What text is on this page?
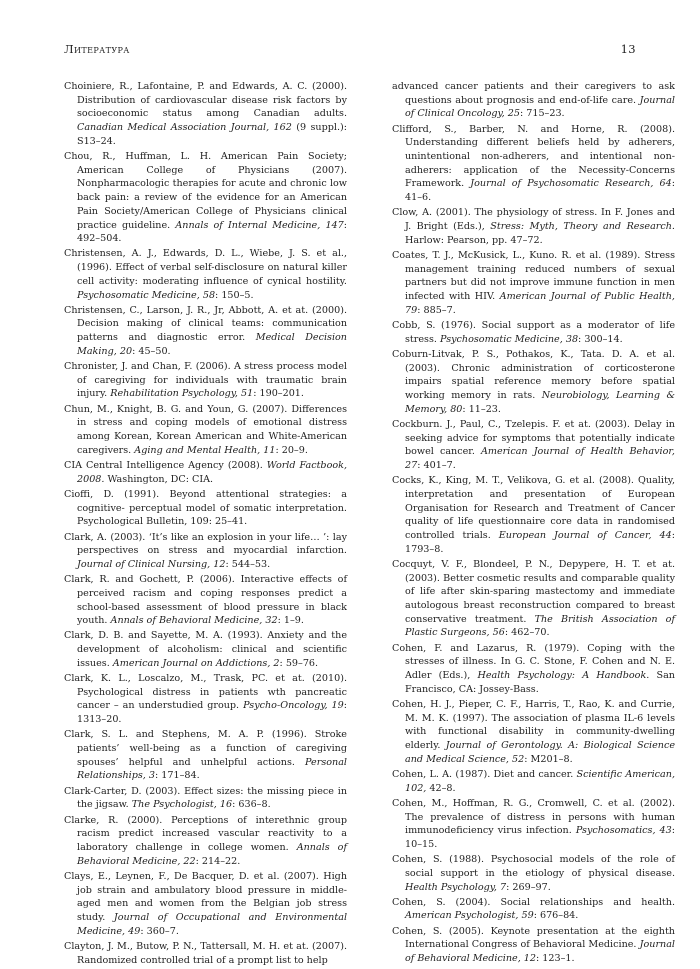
Литература	13

Choiniere, R., Lafontaine, P. and Edwards, A. C. (2000). Distribution of cardiovascular disease risk factors by socioeconomic status among Canadian adults. Canadian Medical Association Journal, 162 (9 suppl.): S13–24.

Chou, R., Huffman, L. H. American Pain Society; American College of Physicians (2007). Nonpharmacologic therapies for acute and chronic low back pain: a review of the evidence for an American Pain Society/American College of Physicians clinical practice guideline. Annals of Internal Medicine, 147: 492–504.

Christensen, A. J., Edwards, D. L., Wiebe, J. S. et al., (1996). Effect of verbal self-disclosure on natural killer cell activity: moderating influence of cynical hostility. Psychosomatic Medicine, 58: 150–5.

Christensen, C., Larson, J. R., Jr, Abbott, A. et at. (2000). Decision making of clinical teams: communication patterns and diagnostic error. Medical Decision Making, 20: 45–50.

Chronister, J. and Chan, F. (2006). A stress process model of caregiving for individuals with traumatic brain injury. Rehabilitation Psychology, 51: 190–201.

Chun, M., Knight, B. G. and Youn, G. (2007). Differences in stress and coping models of emotional distress among Korean, Korean American and White-American caregivers. Aging and Mental Health, 11: 20–9.

CIA Central Intelligence Agency (2008). World Factbook, 2008. Washington, DC: CIA.

Cioffi, D. (1991). Beyond attentional strategies: a cognitive- perceptual model of somatic interpretation. Psychological Bulletin, 109: 25–41.

Clark, A. (2003). ‘It’s like an explosion in your life… ’: lay perspectives on stress and myocardial infarction. Journal of Clinical Nursing, 12: 544–53.

Clark, R. and Gochett, P. (2006). Interactive effects of perceived racism and coping responses predict a school-based assessment of blood pressure in black youth. Annals of Behavioral Medicine, 32: 1–9.

Clark, D. B. and Sayette, M. A. (1993). Anxiety and the development of alcoholism: clinical and scientific issues. American Journal on Addictions, 2: 59–76.

Clark, K. L., Loscalzo, M., Trask, PC. et at. (2010). Psychological distress in patients wth pancreatic cancer – an understudied group. Psycho-Oncology, 19: 1313–20.

Clark, S. L. and Stephens, M. A. P. (1996). Stroke patients’ well-being as a function of caregiving spouses’ helpful and unhelpful actions. Personal Relationships, 3: 171–84.

Clark-Carter, D. (2003). Effect sizes: the missing piece in the jigsaw. The Psychologist, 16: 636–8.

Clarke, R. (2000). Perceptions of interethnic group racism predict increased vascular reactivity to a laboratory challenge in college women. Annals of Behavioral Medicine, 22: 214–22.

Clays, E., Leynen, F., De Bacquer, D. et al. (2007). High job strain and ambulatory blood pressure in middle-aged men and women from the Belgian job stress study. Journal of Occupational and Environmental Medicine, 49: 360–7.

Clayton, J. M., Butow, P. N., Tattersall, M. H. et at. (2007). Randomized controlled trial of a prompt list to help

advanced cancer patients and their caregivers to ask questions about prognosis and end-of-life care. Journal of Clinical Oncology, 25: 715–23.

Clifford, S., Barber, N. and Horne, R. (2008). Understanding different beliefs held by adherers, unintentional non-adherers, and intentional non-adherers: application of the Necessity-Concerns Framework. Journal of Psychosomatic Research, 64: 41–6.

Clow, A. (2001). The physiology of stress. In F. Jones and J. Bright (Eds.), Stress: Myth, Theory and Research. Harlow: Pearson, pp. 47–72.

Coates, T. J., McKusick, L., Kuno. R. et al. (1989). Stress management training reduced numbers of sexual partners but did not improve immune function in men infected with HIV. American Journal of Public Health, 79: 885–7.

Cobb, S. (1976). Social support as a moderator of life stress. Psychosomatic Medicine, 38: 300–14.

Coburn-Litvak, P. S., Pothakos, K., Tata. D. A. et al. (2003). Chronic administration of corticosterone impairs spatial reference memory before spatial working memory in rats. Neurobiology, Learning & Memory, 80: 11–23.

Cockburn. J., Paul, C., Tzelepis. F. et at. (2003). Delay in seeking advice for symptoms that potentially indicate bowel cancer. American Journal of Health Behavior, 27: 401–7.

Cocks, K., King, M. T., Velikova, G. et al. (2008). Quality, interpretation and presentation of European Organisation for Research and Treatment of Cancer quality of life questionnaire core data in randomised controlled trials. European Journal of Cancer, 44: 1793–8.

Cocquyt, V. F., Blondeel, P. N., Depypere, H. T. et at. (2003). Better cosmetic results and comparable quality of life after skin-sparing mastectomy and immediate autologous breast reconstruction compared to breast conservative treatment. The British Association of Plastic Surgeons, 56: 462–70.

Cohen, F. and Lazarus, R. (1979). Coping with the stresses of illness. In G. C. Stone, F. Cohen and N. E. Adler (Eds.), Health Psychology: A Handbook. San Francisco, CA: Jossey-Bass.

Cohen, H. J., Pieper, C. F., Harris, T., Rao, K. and Currie, M. M. K. (1997). The association of plasma IL-6 levels with functional disability in community-dwelling elderly. Journal of Gerontology. A: Biological Science and Medical Science, 52: M201–8.

Cohen, L. A. (1987). Diet and cancer. Scientific American, 102, 42–8.

Cohen, M., Hoffman, R. G., Cromwell, C. et al. (2002). The prevalence of distress in persons with human immunodeficiency virus infection. Psychosomatics, 43: 10–15.

Cohen, S. (1988). Psychosocial models of the role of social support in the etiology of physical disease. Health Psychology, 7: 269–97.

Cohen, S. (2004). Social relationships and health. American Psychologist, 59: 676–84.

Cohen, S. (2005). Keynote presentation at the eighth International Congress of Behavioral Medicine. Journal of Behavioral Medicine, 12: 123–1.
